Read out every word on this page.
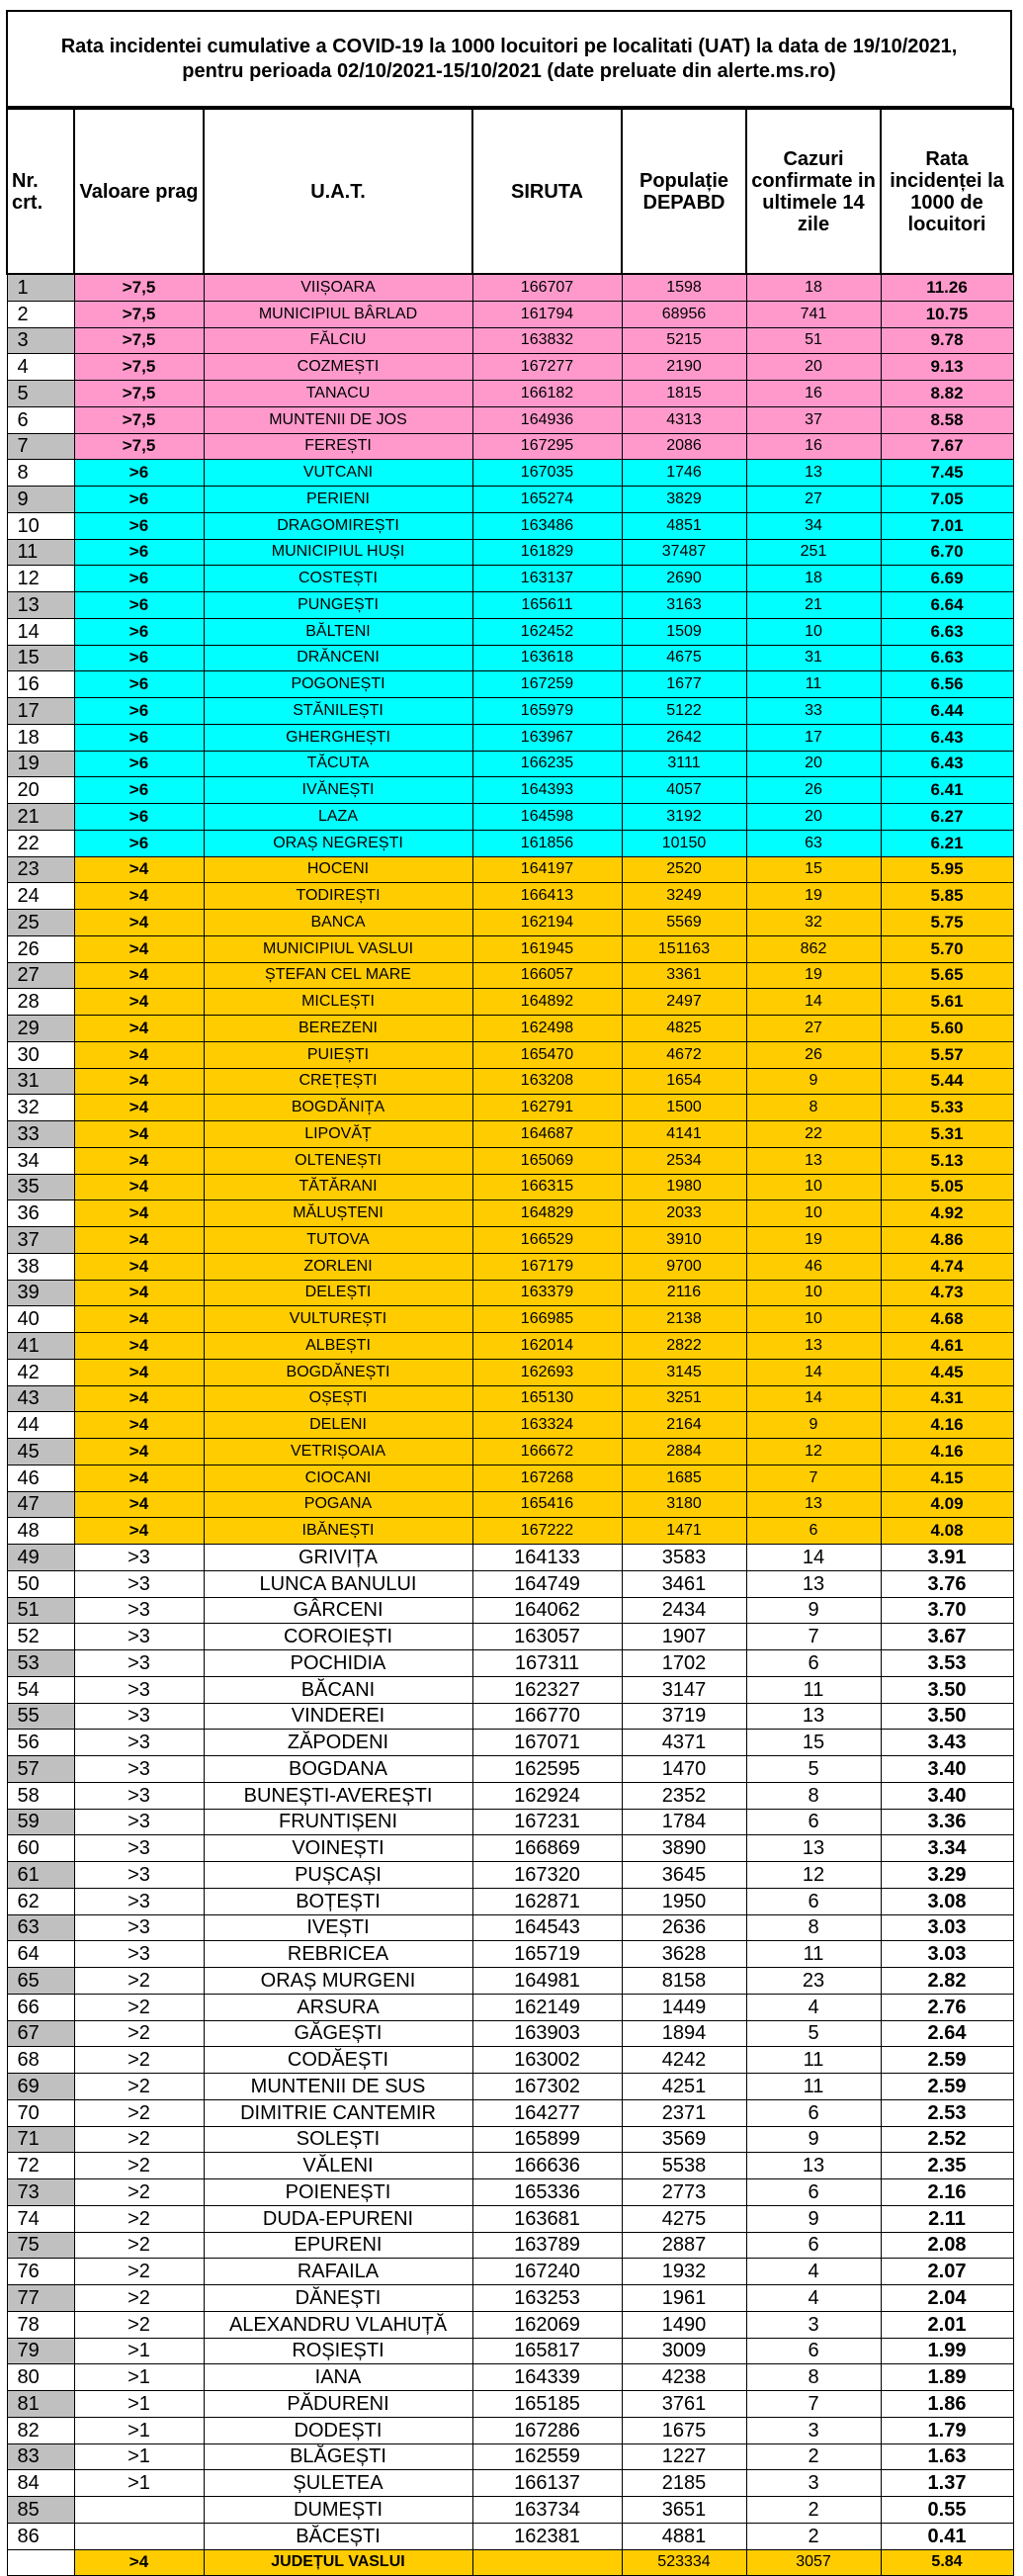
Rata incidentei cumulative a COVID-19 la 1000 locuitori pe localitati (UAT) la data de 19/10/2021, pentru perioada 02/10/2021-15/10/2021 (date preluate din alerte.ms.ro)
Nr. crt.	Valoare prag	U.A.T.	SIRUTA	Populație DEPABD	Cazuri confirmate in ultimele 14 zile	Rata incidenței la 1000 de locuitori
1	>7,5	VIIȘOARA	166707	1598	18	11.26
2	>7,5	MUNICIPIUL BÂRLAD	161794	68956	741	10.75
3	>7,5	FĂLCIU	163832	5215	51	9.78
4	>7,5	COZMEȘTI	167277	2190	20	9.13
5	>7,5	TANACU	166182	1815	16	8.82
6	>7,5	MUNTENII DE JOS	164936	4313	37	8.58
7	>7,5	FEREȘTI	167295	2086	16	7.67
8	>6	VUTCANI	167035	1746	13	7.45
9	>6	PERIENI	165274	3829	27	7.05
10	>6	DRAGOMIREȘTI	163486	4851	34	7.01
11	>6	MUNICIPIUL HUȘI	161829	37487	251	6.70
12	>6	COSTEȘTI	163137	2690	18	6.69
13	>6	PUNGEȘTI	165611	3163	21	6.64
14	>6	BĂLTENI	162452	1509	10	6.63
15	>6	DRĂNCENI	163618	4675	31	6.63
16	>6	POGONEȘTI	167259	1677	11	6.56
17	>6	STĂNILEȘTI	165979	5122	33	6.44
18	>6	GHERGHEȘTI	163967	2642	17	6.43
19	>6	TĂCUTA	166235	3111	20	6.43
20	>6	IVĂNEȘTI	164393	4057	26	6.41
21	>6	LAZA	164598	3192	20	6.27
22	>6	ORAȘ NEGREȘTI	161856	10150	63	6.21
23	>4	HOCENI	164197	2520	15	5.95
24	>4	TODIREȘTI	166413	3249	19	5.85
25	>4	BANCA	162194	5569	32	5.75
26	>4	MUNICIPIUL VASLUI	161945	151163	862	5.70
27	>4	ȘTEFAN CEL MARE	166057	3361	19	5.65
28	>4	MICLEȘTI	164892	2497	14	5.61
29	>4	BEREZENI	162498	4825	27	5.60
30	>4	PUIEȘTI	165470	4672	26	5.57
31	>4	CREȚEȘTI	163208	1654	9	5.44
32	>4	BOGDĂNIȚA	162791	1500	8	5.33
33	>4	LIPOVĂȚ	164687	4141	22	5.31
34	>4	OLTENEȘTI	165069	2534	13	5.13
35	>4	TĂTĂRANI	166315	1980	10	5.05
36	>4	MĂLUȘTENI	164829	2033	10	4.92
37	>4	TUTOVA	166529	3910	19	4.86
38	>4	ZORLENI	167179	9700	46	4.74
39	>4	DELEȘTI	163379	2116	10	4.73
40	>4	VULTUREȘTI	166985	2138	10	4.68
41	>4	ALBEȘTI	162014	2822	13	4.61
42	>4	BOGDĂNEȘTI	162693	3145	14	4.45
43	>4	OȘEȘTI	165130	3251	14	4.31
44	>4	DELENI	163324	2164	9	4.16
45	>4	VETRIȘOAIA	166672	2884	12	4.16
46	>4	CIOCANI	167268	1685	7	4.15
47	>4	POGANA	165416	3180	13	4.09
48	>4	IBĂNEȘTI	167222	1471	6	4.08
49	>3	GRIVIȚA	164133	3583	14	3.91
50	>3	LUNCA BANULUI	164749	3461	13	3.76
51	>3	GÂRCENI	164062	2434	9	3.70
52	>3	COROIEȘTI	163057	1907	7	3.67
53	>3	POCHIDIA	167311	1702	6	3.53
54	>3	BĂCANI	162327	3147	11	3.50
55	>3	VINDEREI	166770	3719	13	3.50
56	>3	ZĂPODENI	167071	4371	15	3.43
57	>3	BOGDANA	162595	1470	5	3.40
58	>3	BUNEȘTI-AVEREȘTI	162924	2352	8	3.40
59	>3	FRUNTIȘENI	167231	1784	6	3.36
60	>3	VOINEȘTI	166869	3890	13	3.34
61	>3	PUȘCAȘI	167320	3645	12	3.29
62	>3	BOȚEȘTI	162871	1950	6	3.08
63	>3	IVEȘTI	164543	2636	8	3.03
64	>3	REBRICEA	165719	3628	11	3.03
65	>2	ORAȘ MURGENI	164981	8158	23	2.82
66	>2	ARSURA	162149	1449	4	2.76
67	>2	GĂGEȘTI	163903	1894	5	2.64
68	>2	CODĂEȘTI	163002	4242	11	2.59
69	>2	MUNTENII DE SUS	167302	4251	11	2.59
70	>2	DIMITRIE CANTEMIR	164277	2371	6	2.53
71	>2	SOLEȘTI	165899	3569	9	2.52
72	>2	VĂLENI	166636	5538	13	2.35
73	>2	POIENEȘTI	165336	2773	6	2.16
74	>2	DUDA-EPURENI	163681	4275	9	2.11
75	>2	EPURENI	163789	2887	6	2.08
76	>2	RAFAILA	167240	1932	4	2.07
77	>2	DĂNEȘTI	163253	1961	4	2.04
78	>2	ALEXANDRU VLAHUȚĂ	162069	1490	3	2.01
79	>1	ROȘIEȘTI	165817	3009	6	1.99
80	>1	IANA	164339	4238	8	1.89
81	>1	PĂDURENI	165185	3761	7	1.86
82	>1	DODEȘTI	167286	1675	3	1.79
83	>1	BLĂGEȘTI	162559	1227	2	1.63
84	>1	ȘULETEA	166137	2185	3	1.37
85		DUMEȘTI	163734	3651	2	0.55
86		BĂCEȘTI	162381	4881	2	0.41
	>4	JUDEȚUL VASLUI		523334	3057	5.84
